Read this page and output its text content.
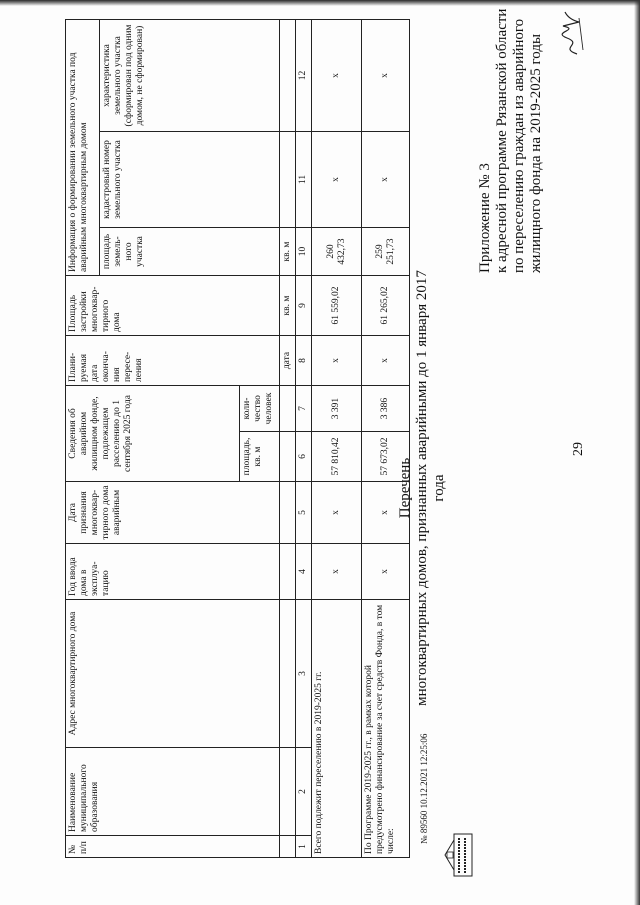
29
Приложение № 3 к адресной программе Рязанской области по переселению граждан из аварийного жилищного фонда на 2019-2025 годы
Перечень многоквартирных домов, признанных аварийными до 1 января 2017 года
№ п/п	Наименование муниципального образования	Адрес многоквартирного дома	Год ввода дома в эксплуа-тацию	Дата признания многоквар-тирного дома аварийным	Сведения об аварийном жилищном фонде, подлежащем расселению до 1 сентября 2025 года		Плани-руемая дата оконча-ния пересе-ления	Площадь застройки многоквар-тирного дома	Информация о формировании земельного участка под аварийным многоквартирным домом		
									площадь земель-ного участка	кадастровый номер земельного участка	характеристика земельного участка (сформирован под одним домом, не сформирован)
					площадь, кв. м	коли-чество человек					
							дата	кв. м	кв. м		
1	2	3	4	5	6	7	8	9	10	11	12
Всего подлежит переселению в 2019-2025 гг.			x	x	57 810,42	3 391	x	61 559,02	260 432,73	x	x
По Программе 2019-2025 гг., в рамках которой предусмотрено финансирование за счет средств Фонда, в том числе:			x	x	57 673,02	3 386	x	61 265,02	259 251,73	x	x
№ 89560 10.12.2021 12:25:06
